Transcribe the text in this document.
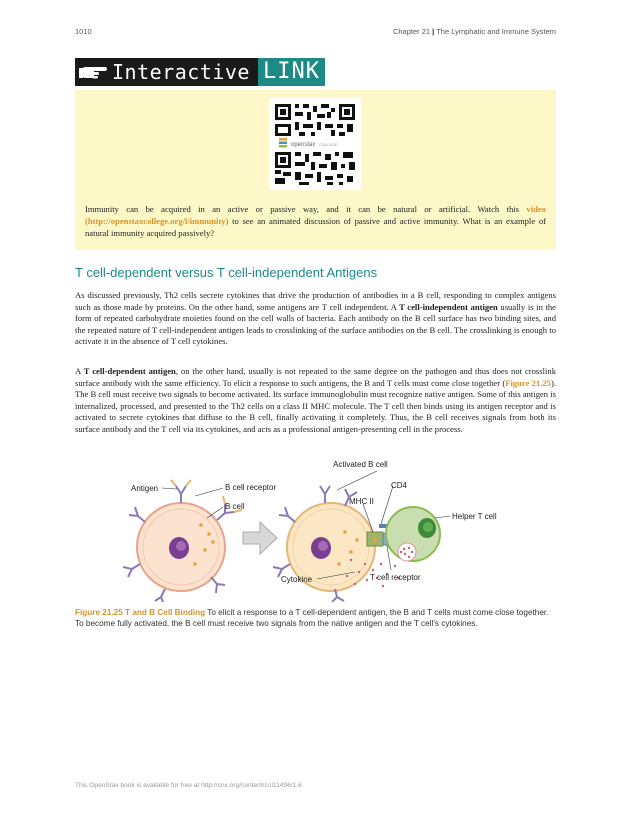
1010	Chapter 21 | The Lymphatic and Immune System
Interactive LINK
openstax COLLEGE
Immunity can be acquired in an active or passive way, and it can be natural or artificial. Watch this video (http://openstaxcollege.org/l/immunity) to see an animated discussion of passive and active immunity. What is an example of natural immunity acquired passively?
T cell-dependent versus T cell-independent Antigens
As discussed previously, Th2 cells secrete cytokines that drive the production of antibodies in a B cell, responding to complex antigens such as those made by proteins. On the other hand, some antigens are T cell independent. A T cell-independent antigen usually is in the form of repeated carbohydrate moieties found on the cell walls of bacteria. Each antibody on the B cell surface has two binding sites, and the repeated nature of T cell-independent antigen leads to crosslinking of the surface antibodies on the B cell. The crosslinking is enough to activate it in the absence of T cell cytokines.
A T cell-dependent antigen, on the other hand, usually is not repeated to the same degree on the pathogen and thus does not crosslink surface antibody with the same efficiency. To elicit a response to such antigens, the B and T cells must come close together (Figure 21.25). The B cell must receive two signals to become activated. Its surface immunoglobulin must recognize native antigen. Some of this antigen is internalized, processed, and presented to the Th2 cells on a class II MHC molecule. The T cell then binds using its antigen receptor and is activated to secrete cytokines that diffuse to the B cell, finally activating it completely. Thus, the B cell receives signals from both its surface antibody and the T cell via its cytokines, and acts as a professional antigen-presenting cell in the process.
Antigen	B cell receptor
B cell
Activated B cell
CD4
MHC II
Helper T cell
Cytokine	T cell receptor
Figure 21.25 T and B Cell Binding To elicit a response to a T cell-dependent antigen, the B and T cells must come close together. To become fully activated, the B cell must receive two signals from the native antigen and the T cell's cytokines.
This OpenStax book is available for free at http://cnx.org/content/col11496/1.6
